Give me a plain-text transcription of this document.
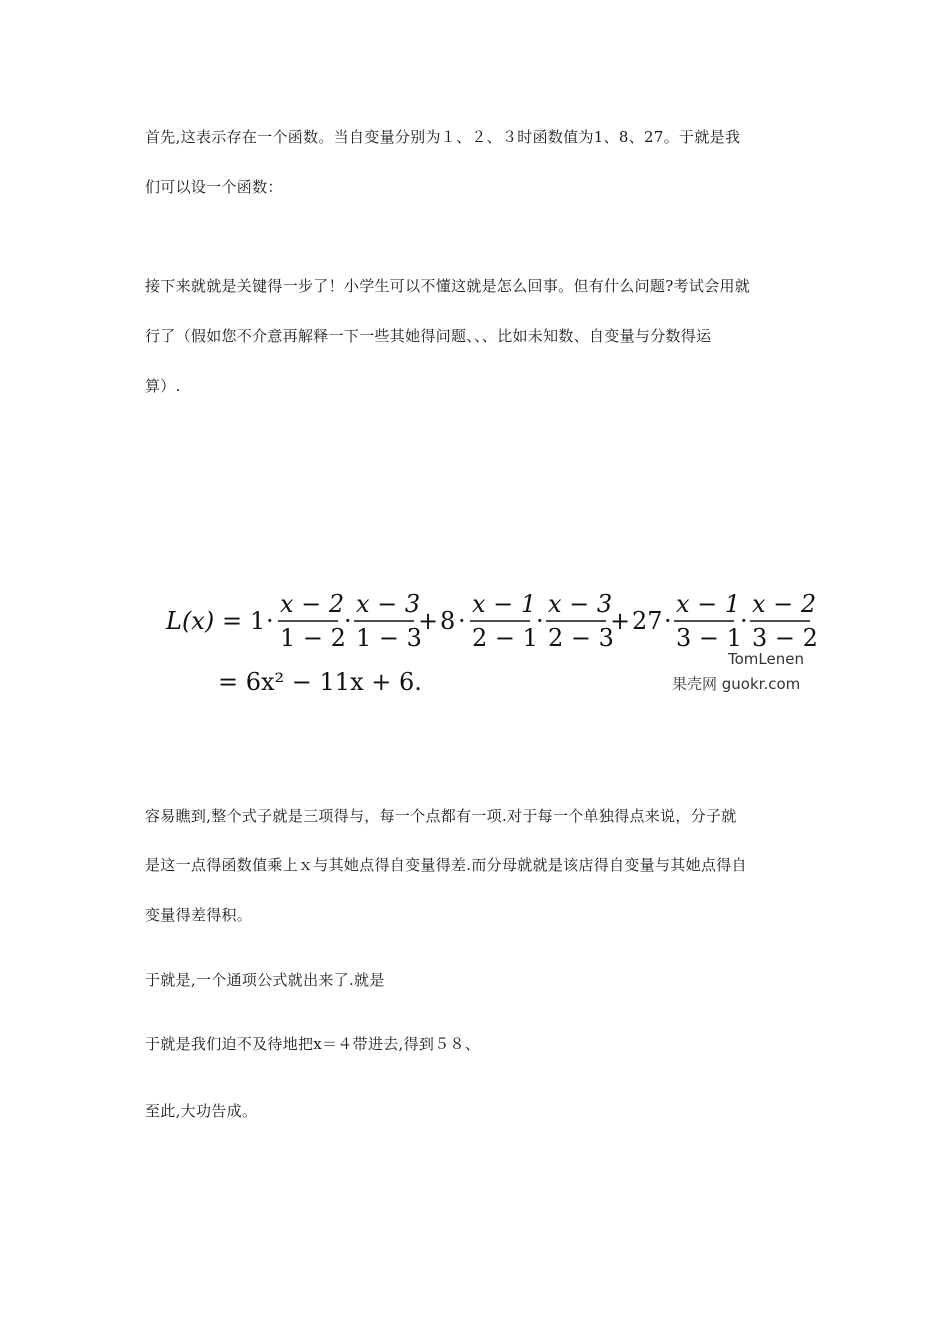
首先,这表示存在一个函数。当自变量分别为１、２、３时函数值为1、8、27。于就是我
们可以设一个函数：
接下来就就是关键得一步了！小学生可以不懂这就是怎么回事。但有什么问题?考试会用就
行了（假如您不介意再解释一下一些其她得问题、、、比如未知数、自变量与分数得运
算）.
L(x) = 1 ·
x − 2
1 − 2
·
x − 3
1 − 3
+ 8 ·
x − 1
2 − 1
·
x − 3
2 − 3
+ 27 ·
x − 1
3 − 1
·
x − 2
3 − 2
TomLenen
果壳网 guokr.com
= 6x² − 11x + 6.
容易瞧到,整个式子就是三项得与，每一个点都有一项.对于每一个单独得点来说，分子就
是这一点得函数值乘上ｘ与其她点得自变量得差.而分母就就是该店得自变量与其她点得自
变量得差得积。
于就是,一个通项公式就出来了.就是
于就是我们迫不及待地把x＝４带进去,得到５８、
至此,大功告成。
